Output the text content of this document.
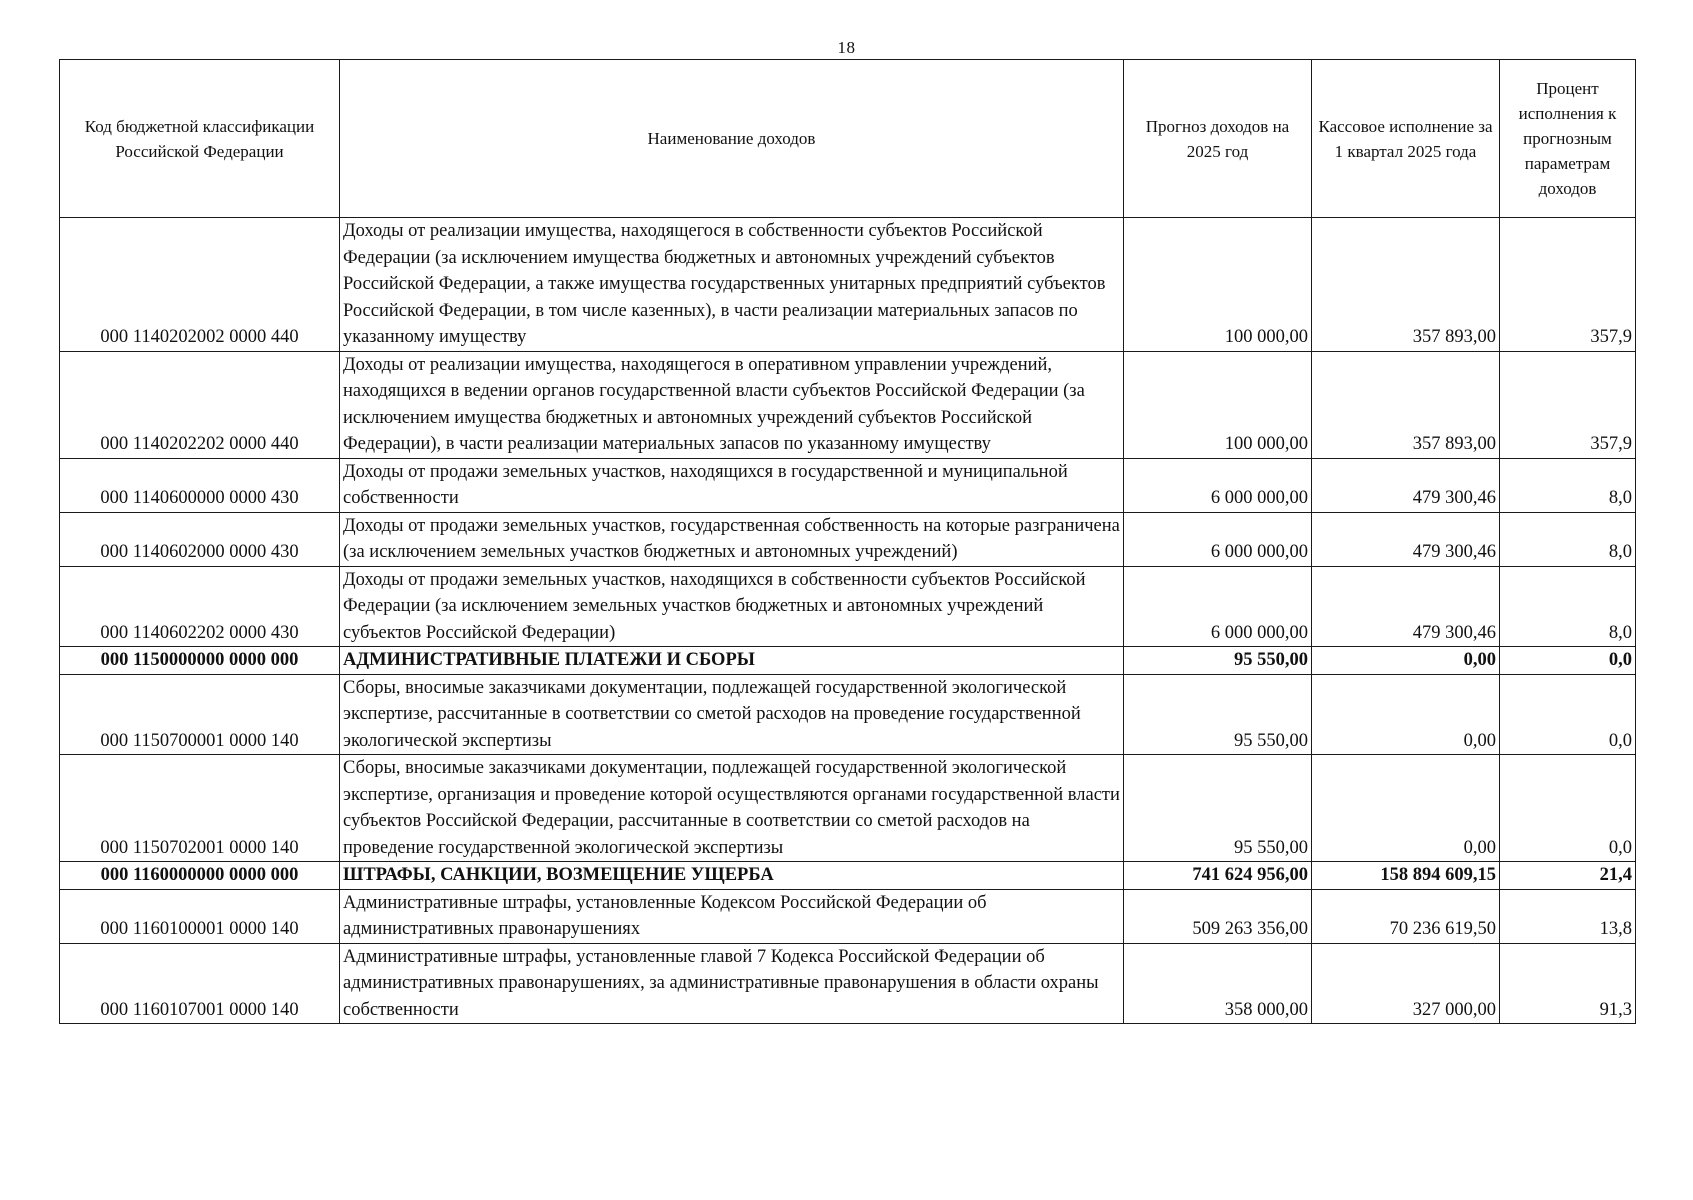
18
Код бюджетной классификации Российской Федерации	Наименование доходов	Прогноз доходов на 2025 год	Кассовое исполнение за 1 квартал 2025 года	Процент исполнения к прогнозным параметрам доходов
000 1140202002 0000 440	Доходы от реализации имущества, находящегося в собственности субъектов Российской Федерации (за исключением имущества бюджетных и автономных учреждений субъектов Российской Федерации, а также имущества государственных унитарных предприятий субъектов Российской Федерации, в том числе казенных), в части реализации материальных запасов по указанному имуществу	100 000,00	357 893,00	357,9
000 1140202202 0000 440	Доходы от реализации имущества, находящегося в оперативном управлении учреждений, находящихся в ведении органов государственной власти субъектов Российской Федерации (за исключением имущества бюджетных и автономных учреждений субъектов Российской Федерации), в части реализации материальных запасов по указанному имуществу	100 000,00	357 893,00	357,9
000 1140600000 0000 430	Доходы от продажи земельных участков, находящихся в государственной и муниципальной собственности	6 000 000,00	479 300,46	8,0
000 1140602000 0000 430	Доходы от продажи земельных участков, государственная собственность на которые разграничена (за исключением земельных участков бюджетных и автономных учреждений)	6 000 000,00	479 300,46	8,0
000 1140602202 0000 430	Доходы от продажи земельных участков, находящихся в собственности субъектов Российской Федерации (за исключением земельных участков бюджетных и автономных учреждений субъектов Российской Федерации)	6 000 000,00	479 300,46	8,0
000 1150000000 0000 000	АДМИНИСТРАТИВНЫЕ ПЛАТЕЖИ И СБОРЫ	95 550,00	0,00	0,0
000 1150700001 0000 140	Сборы, вносимые заказчиками документации, подлежащей государственной экологической экспертизе, рассчитанные в соответствии со сметой расходов на проведение государственной экологической экспертизы	95 550,00	0,00	0,0
000 1150702001 0000 140	Сборы, вносимые заказчиками документации, подлежащей государственной экологической экспертизе, организация и проведение которой осуществляются органами государственной власти субъектов Российской Федерации, рассчитанные в соответствии со сметой расходов на проведение государственной экологической экспертизы	95 550,00	0,00	0,0
000 1160000000 0000 000	ШТРАФЫ, САНКЦИИ, ВОЗМЕЩЕНИЕ УЩЕРБА	741 624 956,00	158 894 609,15	21,4
000 1160100001 0000 140	Административные штрафы, установленные Кодексом Российской Федерации об административных правонарушениях	509 263 356,00	70 236 619,50	13,8
000 1160107001 0000 140	Административные штрафы, установленные главой 7 Кодекса Российской Федерации об административных правонарушениях, за административные правонарушения в области охраны собственности	358 000,00	327 000,00	91,3
